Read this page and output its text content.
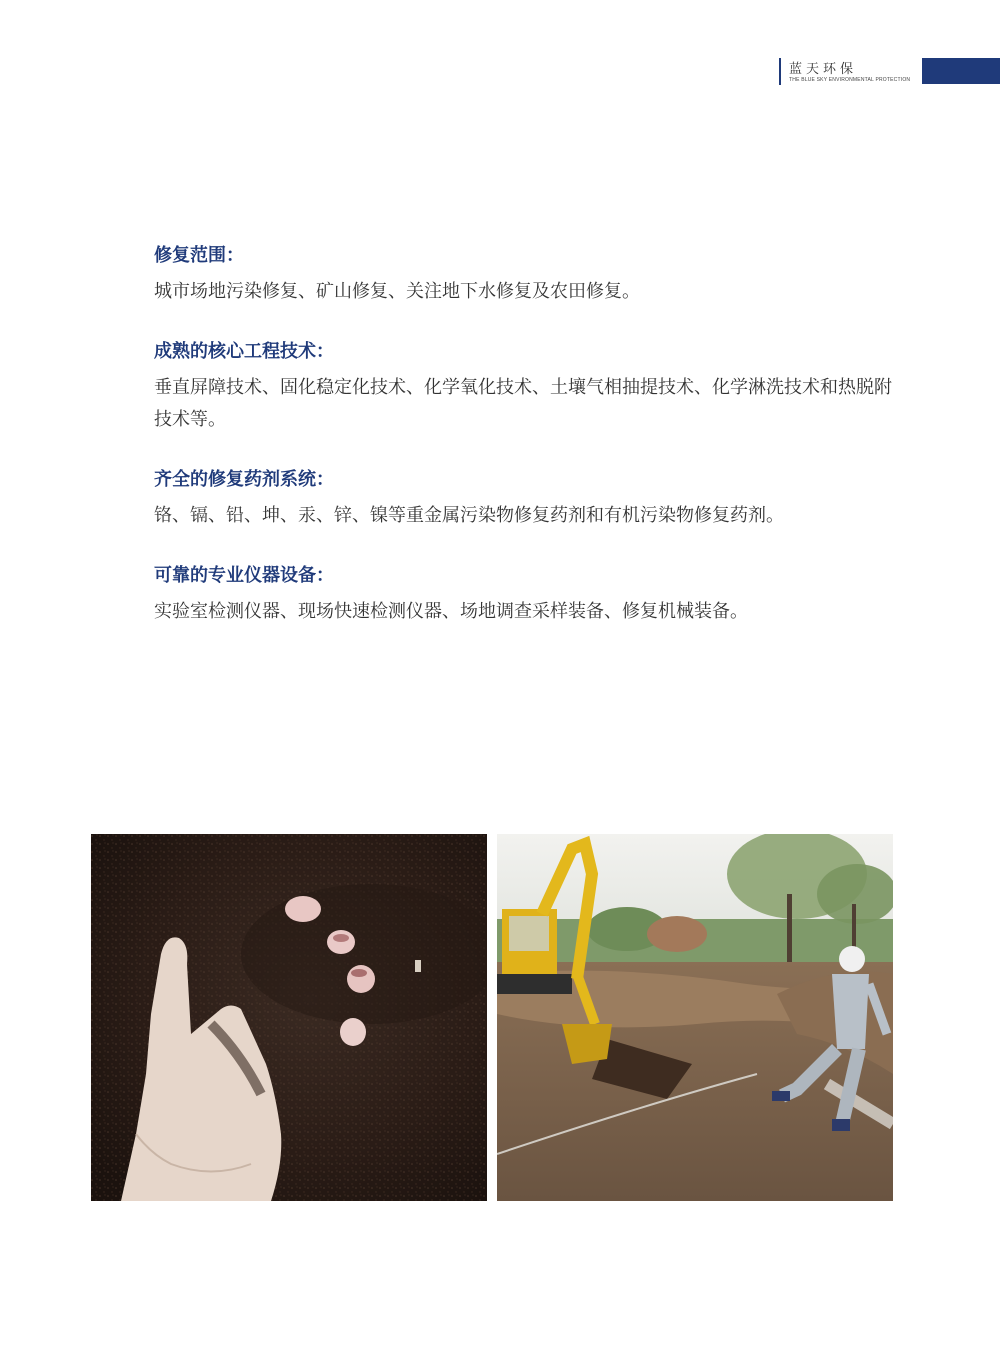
蓝天环保
THE BLUE SKY ENVIRONMENTAL PROTECTION
修复范围：

城市场地污染修复、矿山修复、关注地下水修复及农田修复。

成熟的核心工程技术：

垂直屏障技术、固化稳定化技术、化学氧化技术、土壤气相抽提技术、化学淋洗技术和热脱附技术等。

齐全的修复药剂系统：

铬、镉、铅、坤、汞、锌、镍等重金属污染物修复药剂和有机污染物修复药剂。

可靠的专业仪器设备：

实验室检测仪器、现场快速检测仪器、场地调查采样装备、修复机械装备。
